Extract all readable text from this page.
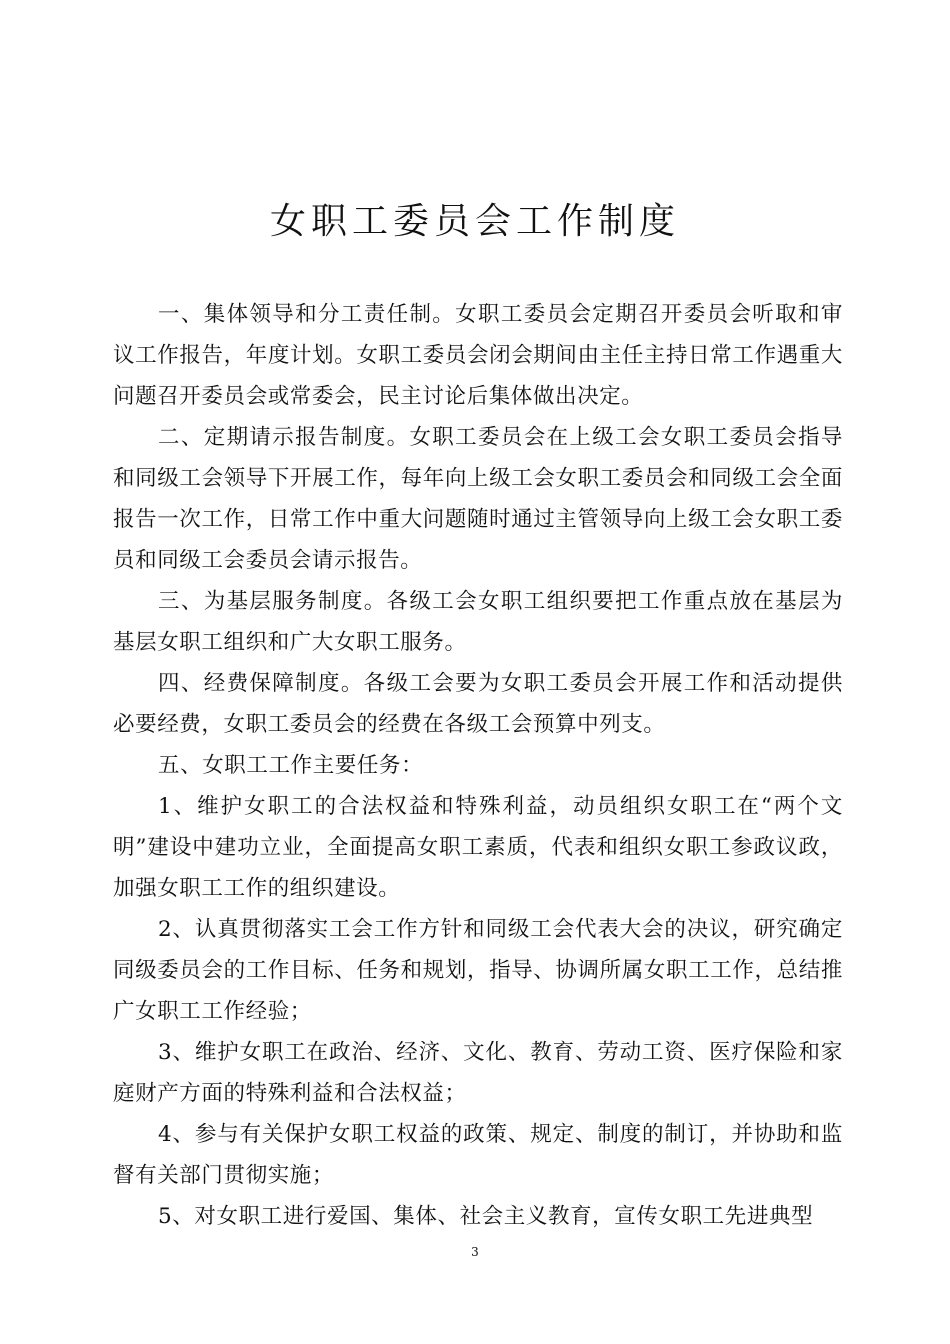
女职工委员会工作制度

一、集体领导和分工责任制。女职工委员会定期召开委员会听取和审议工作报告，年度计划。女职工委员会闭会期间由主任主持日常工作遇重大问题召开委员会或常委会，民主讨论后集体做出决定。

二、定期请示报告制度。女职工委员会在上级工会女职工委员会指导和同级工会领导下开展工作，每年向上级工会女职工委员会和同级工会全面报告一次工作，日常工作中重大问题随时通过主管领导向上级工会女职工委员和同级工会委员会请示报告。

三、为基层服务制度。各级工会女职工组织要把工作重点放在基层为基层女职工组织和广大女职工服务。

四、经费保障制度。各级工会要为女职工委员会开展工作和活动提供必要经费，女职工委员会的经费在各级工会预算中列支。

五、女职工工作主要任务：

1、维护女职工的合法权益和特殊利益，动员组织女职工在“两个文明”建设中建功立业，全面提高女职工素质，代表和组织女职工参政议政，加强女职工工作的组织建设。

2、认真贯彻落实工会工作方针和同级工会代表大会的决议，研究确定同级委员会的工作目标、任务和规划，指导、协调所属女职工工作，总结推广女职工工作经验；

3、维护女职工在政治、经济、文化、教育、劳动工资、医疗保险和家庭财产方面的特殊利益和合法权益；

4、参与有关保护女职工权益的政策、规定、制度的制订，并协助和监督有关部门贯彻实施；

5、对女职工进行爱国、集体、社会主义教育，宣传女职工先进典型

3
